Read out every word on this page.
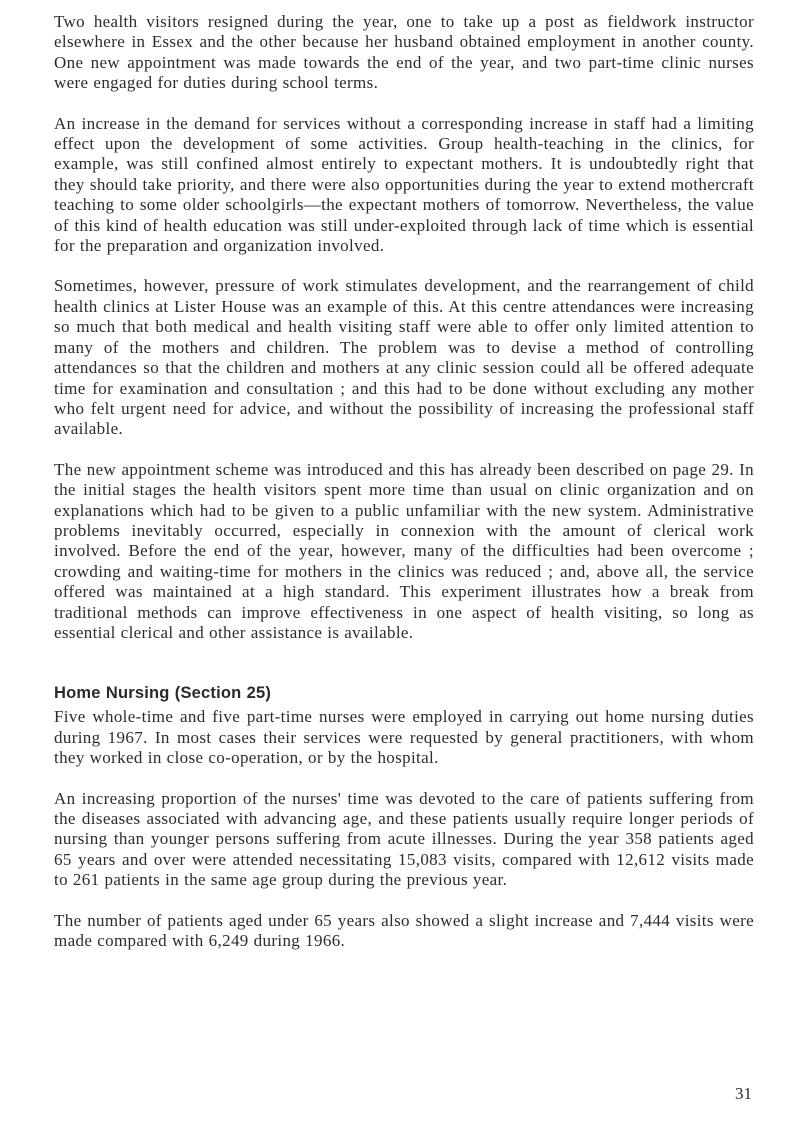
Two health visitors resigned during the year, one to take up a post as fieldwork instructor elsewhere in Essex and the other because her husband obtained employment in another county. One new appointment was made towards the end of the year, and two part-time clinic nurses were engaged for duties during school terms.

An increase in the demand for services without a corresponding increase in staff had a limiting effect upon the development of some activities. Group health-teaching in the clinics, for example, was still confined almost entirely to expectant mothers. It is undoubtedly right that they should take priority, and there were also opportunities during the year to extend mothercraft teaching to some older schoolgirls—the expectant mothers of tomorrow. Nevertheless, the value of this kind of health education was still under-exploited through lack of time which is essential for the preparation and organization involved.

Sometimes, however, pressure of work stimulates development, and the rearrangement of child health clinics at Lister House was an example of this. At this centre attendances were increasing so much that both medical and health visiting staff were able to offer only limited attention to many of the mothers and children. The problem was to devise a method of controlling attendances so that the children and mothers at any clinic session could all be offered adequate time for examination and consultation ; and this had to be done without excluding any mother who felt urgent need for advice, and without the possibility of increasing the professional staff available.

The new appointment scheme was introduced and this has already been described on page 29. In the initial stages the health visitors spent more time than usual on clinic organization and on explanations which had to be given to a public unfamiliar with the new system. Administrative problems inevitably occurred, especially in connexion with the amount of clerical work involved. Before the end of the year, however, many of the difficulties had been overcome ; crowding and waiting-time for mothers in the clinics was reduced ; and, above all, the service offered was maintained at a high standard. This experiment illustrates how a break from traditional methods can improve effectiveness in one aspect of health visiting, so long as essential clerical and other assistance is available.

Home Nursing (Section 25)

Five whole-time and five part-time nurses were employed in carrying out home nursing duties during 1967. In most cases their services were requested by general practitioners, with whom they worked in close co-operation, or by the hospital.

An increasing proportion of the nurses' time was devoted to the care of patients suffering from the diseases associated with advancing age, and these patients usually require longer periods of nursing than younger persons suffering from acute illnesses. During the year 358 patients aged 65 years and over were attended necessitating 15,083 visits, compared with 12,612 visits made to 261 patients in the same age group during the previous year.

The number of patients aged under 65 years also showed a slight increase and 7,444 visits were made compared with 6,249 during 1966.

31
